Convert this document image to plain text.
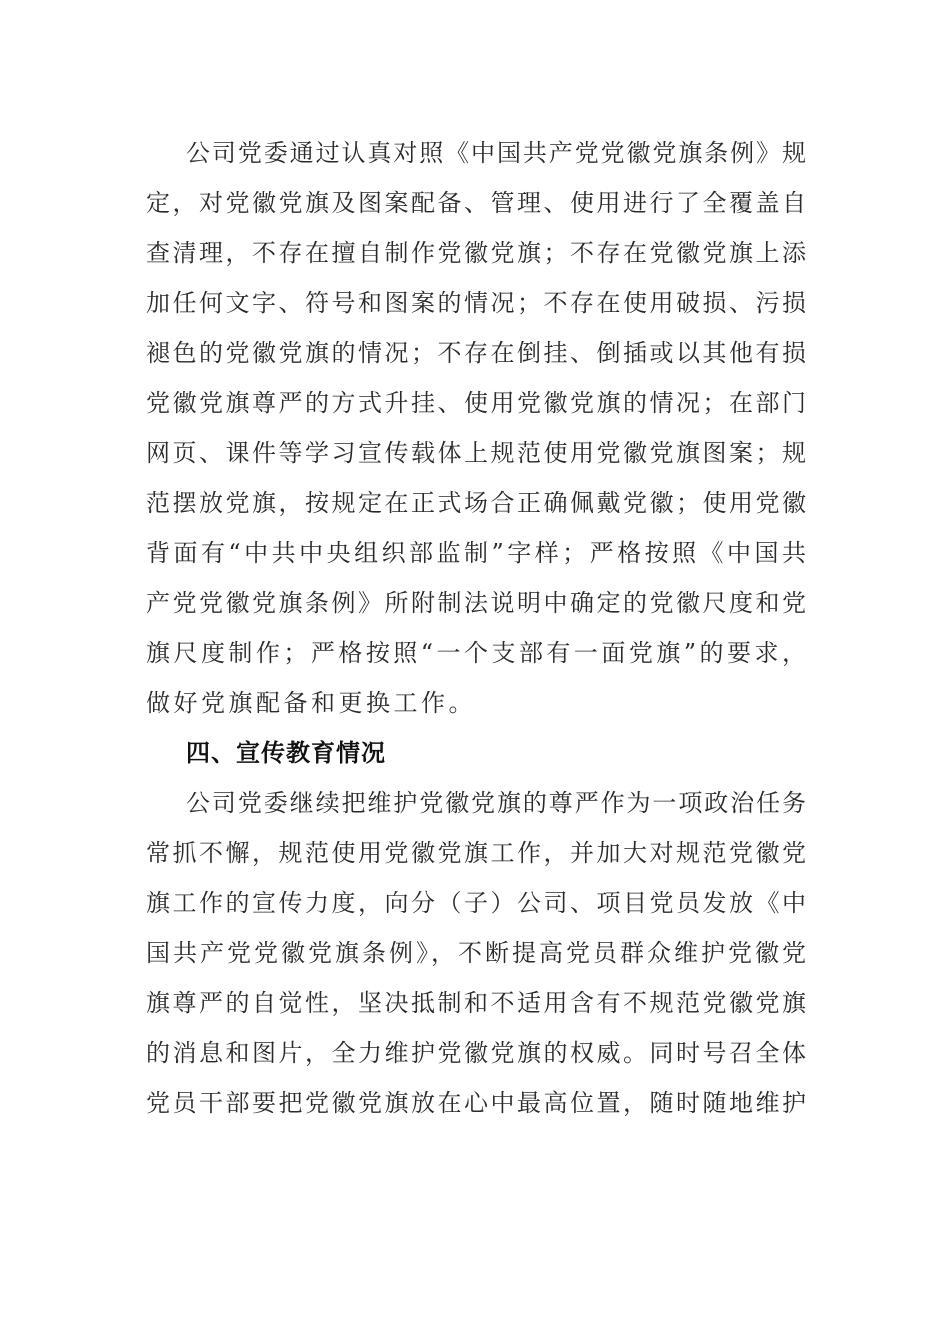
公司党委通过认真对照《中国共产党党徽党旗条例》规
定，对党徽党旗及图案配备、管理、使用进行了全覆盖自
查清理，不存在擅自制作党徽党旗；不存在党徽党旗上添
加任何文字、符号和图案的情况；不存在使用破损、污损
褪色的党徽党旗的情况；不存在倒挂、倒插或以其他有损
党徽党旗尊严的方式升挂、使用党徽党旗的情况；在部门
网页、课件等学习宣传载体上规范使用党徽党旗图案；规
范摆放党旗，按规定在正式场合正确佩戴党徽；使用党徽
背面有“中共中央组织部监制”字样；严格按照《中国共
产党党徽党旗条例》所附制法说明中确定的党徽尺度和党
旗尺度制作；严格按照“一个支部有一面党旗”的要求，
做好党旗配备和更换工作。
四、宣传教育情况
公司党委继续把维护党徽党旗的尊严作为一项政治任务
常抓不懈，规范使用党徽党旗工作，并加大对规范党徽党
旗工作的宣传力度，向分（子）公司、项目党员发放《中
国共产党党徽党旗条例》，不断提高党员群众维护党徽党
旗尊严的自觉性，坚决抵制和不适用含有不规范党徽党旗
的消息和图片，全力维护党徽党旗的权威。同时号召全体
党员干部要把党徽党旗放在心中最高位置，随时随地维护
